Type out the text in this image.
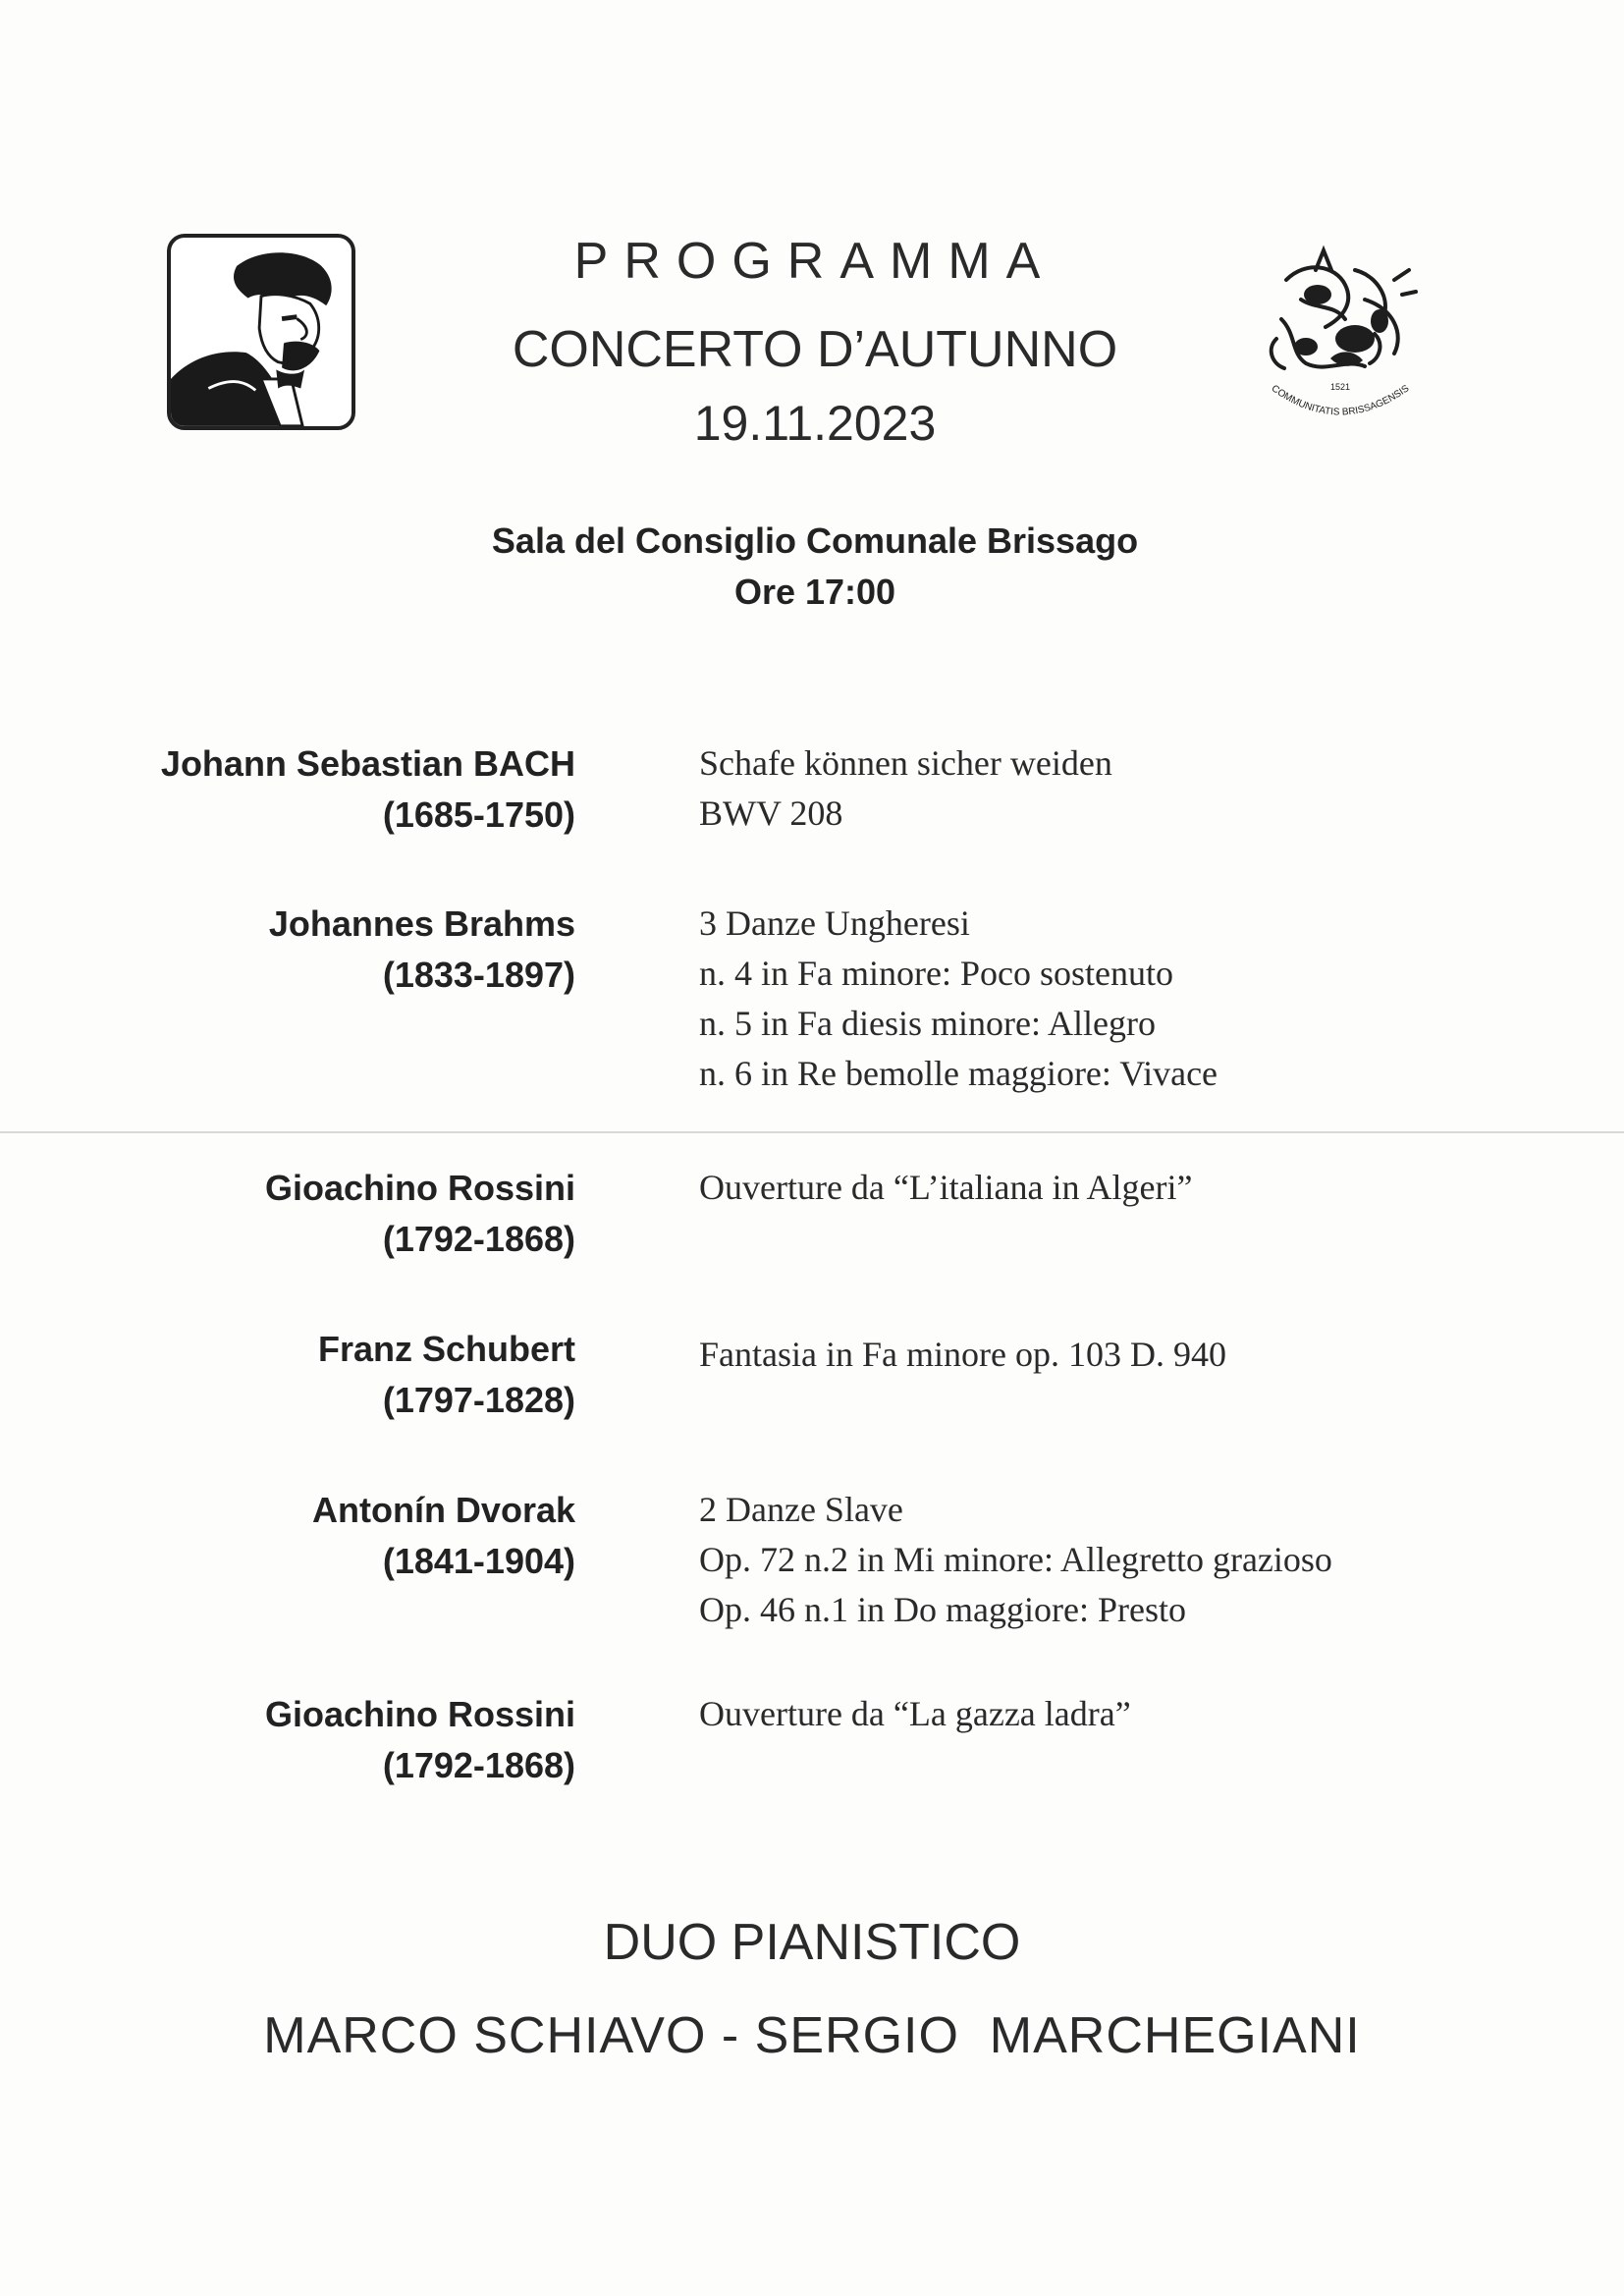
PROGRAMMA
CONCERTO D’AUTUNNO
19.11.2023
1521
COMMUNITATIS BRISSAGENSIS
Sala del Consiglio Comunale Brissago
Ore 17:00
Johann Sebastian BACH
(1685-1750)
Schafe können sicher weiden
BWV 208
Johannes Brahms
(1833-1897)
3 Danze Ungheresi
n. 4 in Fa minore: Poco sostenuto
n. 5 in Fa diesis minore: Allegro
n. 6 in Re bemolle maggiore: Vivace
Gioachino Rossini
(1792-1868)
Ouverture da “L’italiana in Algeri”
Franz Schubert
(1797-1828)
Fantasia in Fa minore op. 103 D. 940
Antonín Dvorak
(1841-1904)
2 Danze Slave
Op. 72 n.2 in Mi minore: Allegretto grazioso
Op. 46 n.1 in Do maggiore: Presto
Gioachino Rossini
(1792-1868)
Ouverture da “La gazza ladra”
DUO PIANISTICO
MARCO SCHIAVO - SERGIO  MARCHEGIANI
